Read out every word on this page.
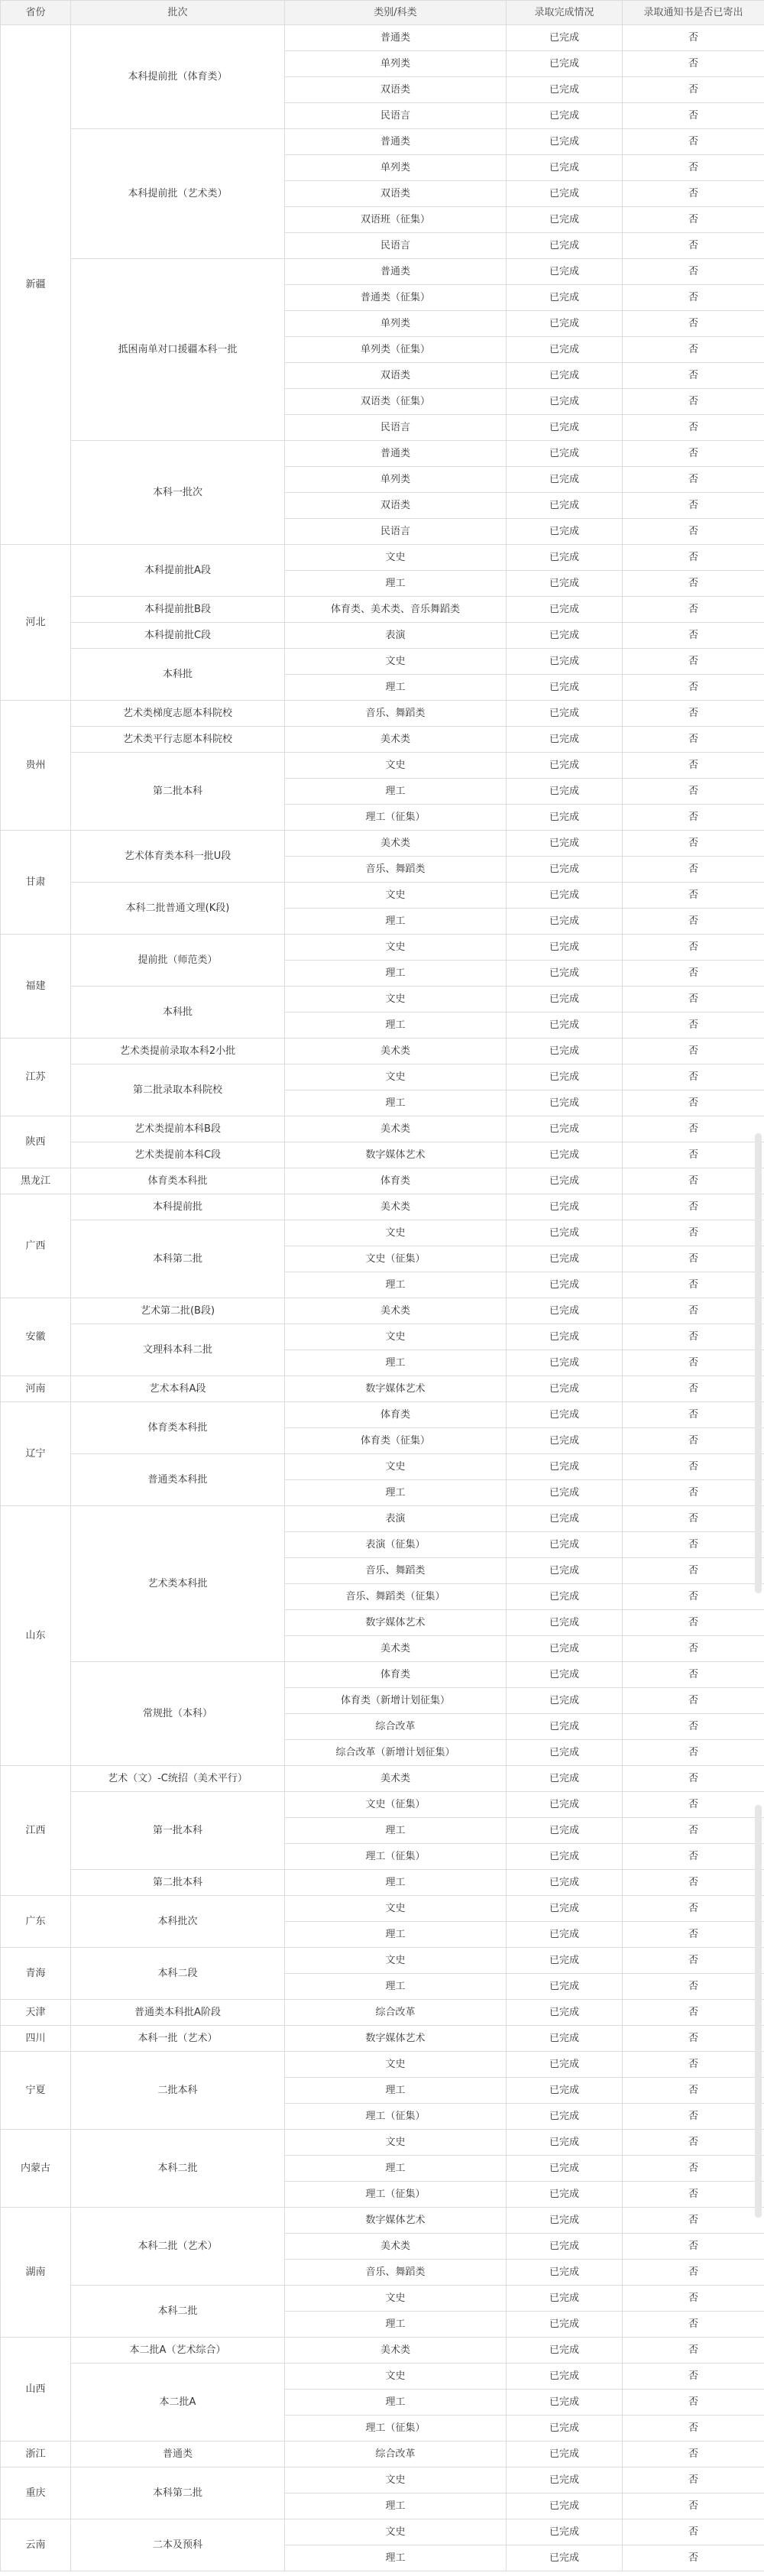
省份	批次	类别/科类	录取完成情况	录取通知书是否已寄出
新疆	本科提前批（体育类）	普通类	已完成	否
		单列类	已完成	否
		双语类	已完成	否
		民语言	已完成	否
	本科提前批（艺术类）	普通类	已完成	否
		单列类	已完成	否
		双语类	已完成	否
		双语班（征集）	已完成	否
		民语言	已完成	否
	抵困南单对口援疆本科一批	普通类	已完成	否
		普通类（征集）	已完成	否
		单列类	已完成	否
		单列类（征集）	已完成	否
		双语类	已完成	否
		双语类（征集）	已完成	否
		民语言	已完成	否
	本科一批次	普通类	已完成	否
		单列类	已完成	否
		双语类	已完成	否
		民语言	已完成	否
河北	本科提前批A段	文史	已完成	否
		理工	已完成	否
	本科提前批B段	体育类、美术类、音乐舞蹈类	已完成	否
	本科提前批C段	表演	已完成	否
	本科批	文史	已完成	否
		理工	已完成	否
贵州	艺术类梯度志愿本科院校	音乐、舞蹈类	已完成	否
	艺术类平行志愿本科院校	美术类	已完成	否
	第二批本科	文史	已完成	否
		理工	已完成	否
		理工（征集）	已完成	否
甘肃	艺术体育类本科一批U段	美术类	已完成	否
		音乐、舞蹈类	已完成	否
	本科二批普通文理(K段)	文史	已完成	否
		理工	已完成	否
福建	提前批（师范类）	文史	已完成	否
		理工	已完成	否
	本科批	文史	已完成	否
		理工	已完成	否
江苏	艺术类提前录取本科2小批	美术类	已完成	否
	第二批录取本科院校	文史	已完成	否
		理工	已完成	否
陕西	艺术类提前本科B段	美术类	已完成	否
	艺术类提前本科C段	数字媒体艺术	已完成	否
黑龙江	体育类本科批	体育类	已完成	否
广西	本科提前批	美术类	已完成	否
	本科第二批	文史	已完成	否
		文史（征集）	已完成	否
		理工	已完成	否
安徽	艺术第二批(B段)	美术类	已完成	否
	文理科本科二批	文史	已完成	否
		理工	已完成	否
河南	艺术本科A段	数字媒体艺术	已完成	否
辽宁	体育类本科批	体育类	已完成	否
		体育类（征集）	已完成	否
	普通类本科批	文史	已完成	否
		理工	已完成	否
山东	艺术类本科批	表演	已完成	否
		表演（征集）	已完成	否
		音乐、舞蹈类	已完成	否
		音乐、舞蹈类（征集）	已完成	否
		数字媒体艺术	已完成	否
		美术类	已完成	否
	常规批（本科）	体育类	已完成	否
		体育类（新增计划征集）	已完成	否
		综合改革	已完成	否
		综合改革（新增计划征集）	已完成	否
江西	艺术（文）-C统招（美术平行）	美术类	已完成	否
	第一批本科	文史（征集）	已完成	否
		理工	已完成	否
		理工（征集）	已完成	否
	第二批本科	理工	已完成	否
广东	本科批次	文史	已完成	否
		理工	已完成	否
青海	本科二段	文史	已完成	否
		理工	已完成	否
天津	普通类本科批A阶段	综合改革	已完成	否
四川	本科一批（艺术）	数字媒体艺术	已完成	否
宁夏	二批本科	文史	已完成	否
		理工	已完成	否
		理工（征集）	已完成	否
内蒙古	本科二批	文史	已完成	否
		理工	已完成	否
		理工（征集）	已完成	否
湖南	本科二批（艺术）	数字媒体艺术	已完成	否
		美术类	已完成	否
		音乐、舞蹈类	已完成	否
	本科二批	文史	已完成	否
		理工	已完成	否
山西	本二批A（艺术综合）	美术类	已完成	否
	本二批A	文史	已完成	否
		理工	已完成	否
		理工（征集）	已完成	否
浙江	普通类	综合改革	已完成	否
重庆	本科第二批	文史	已完成	否
		理工	已完成	否
云南	二本及预科	文史	已完成	否
		理工	已完成	否
